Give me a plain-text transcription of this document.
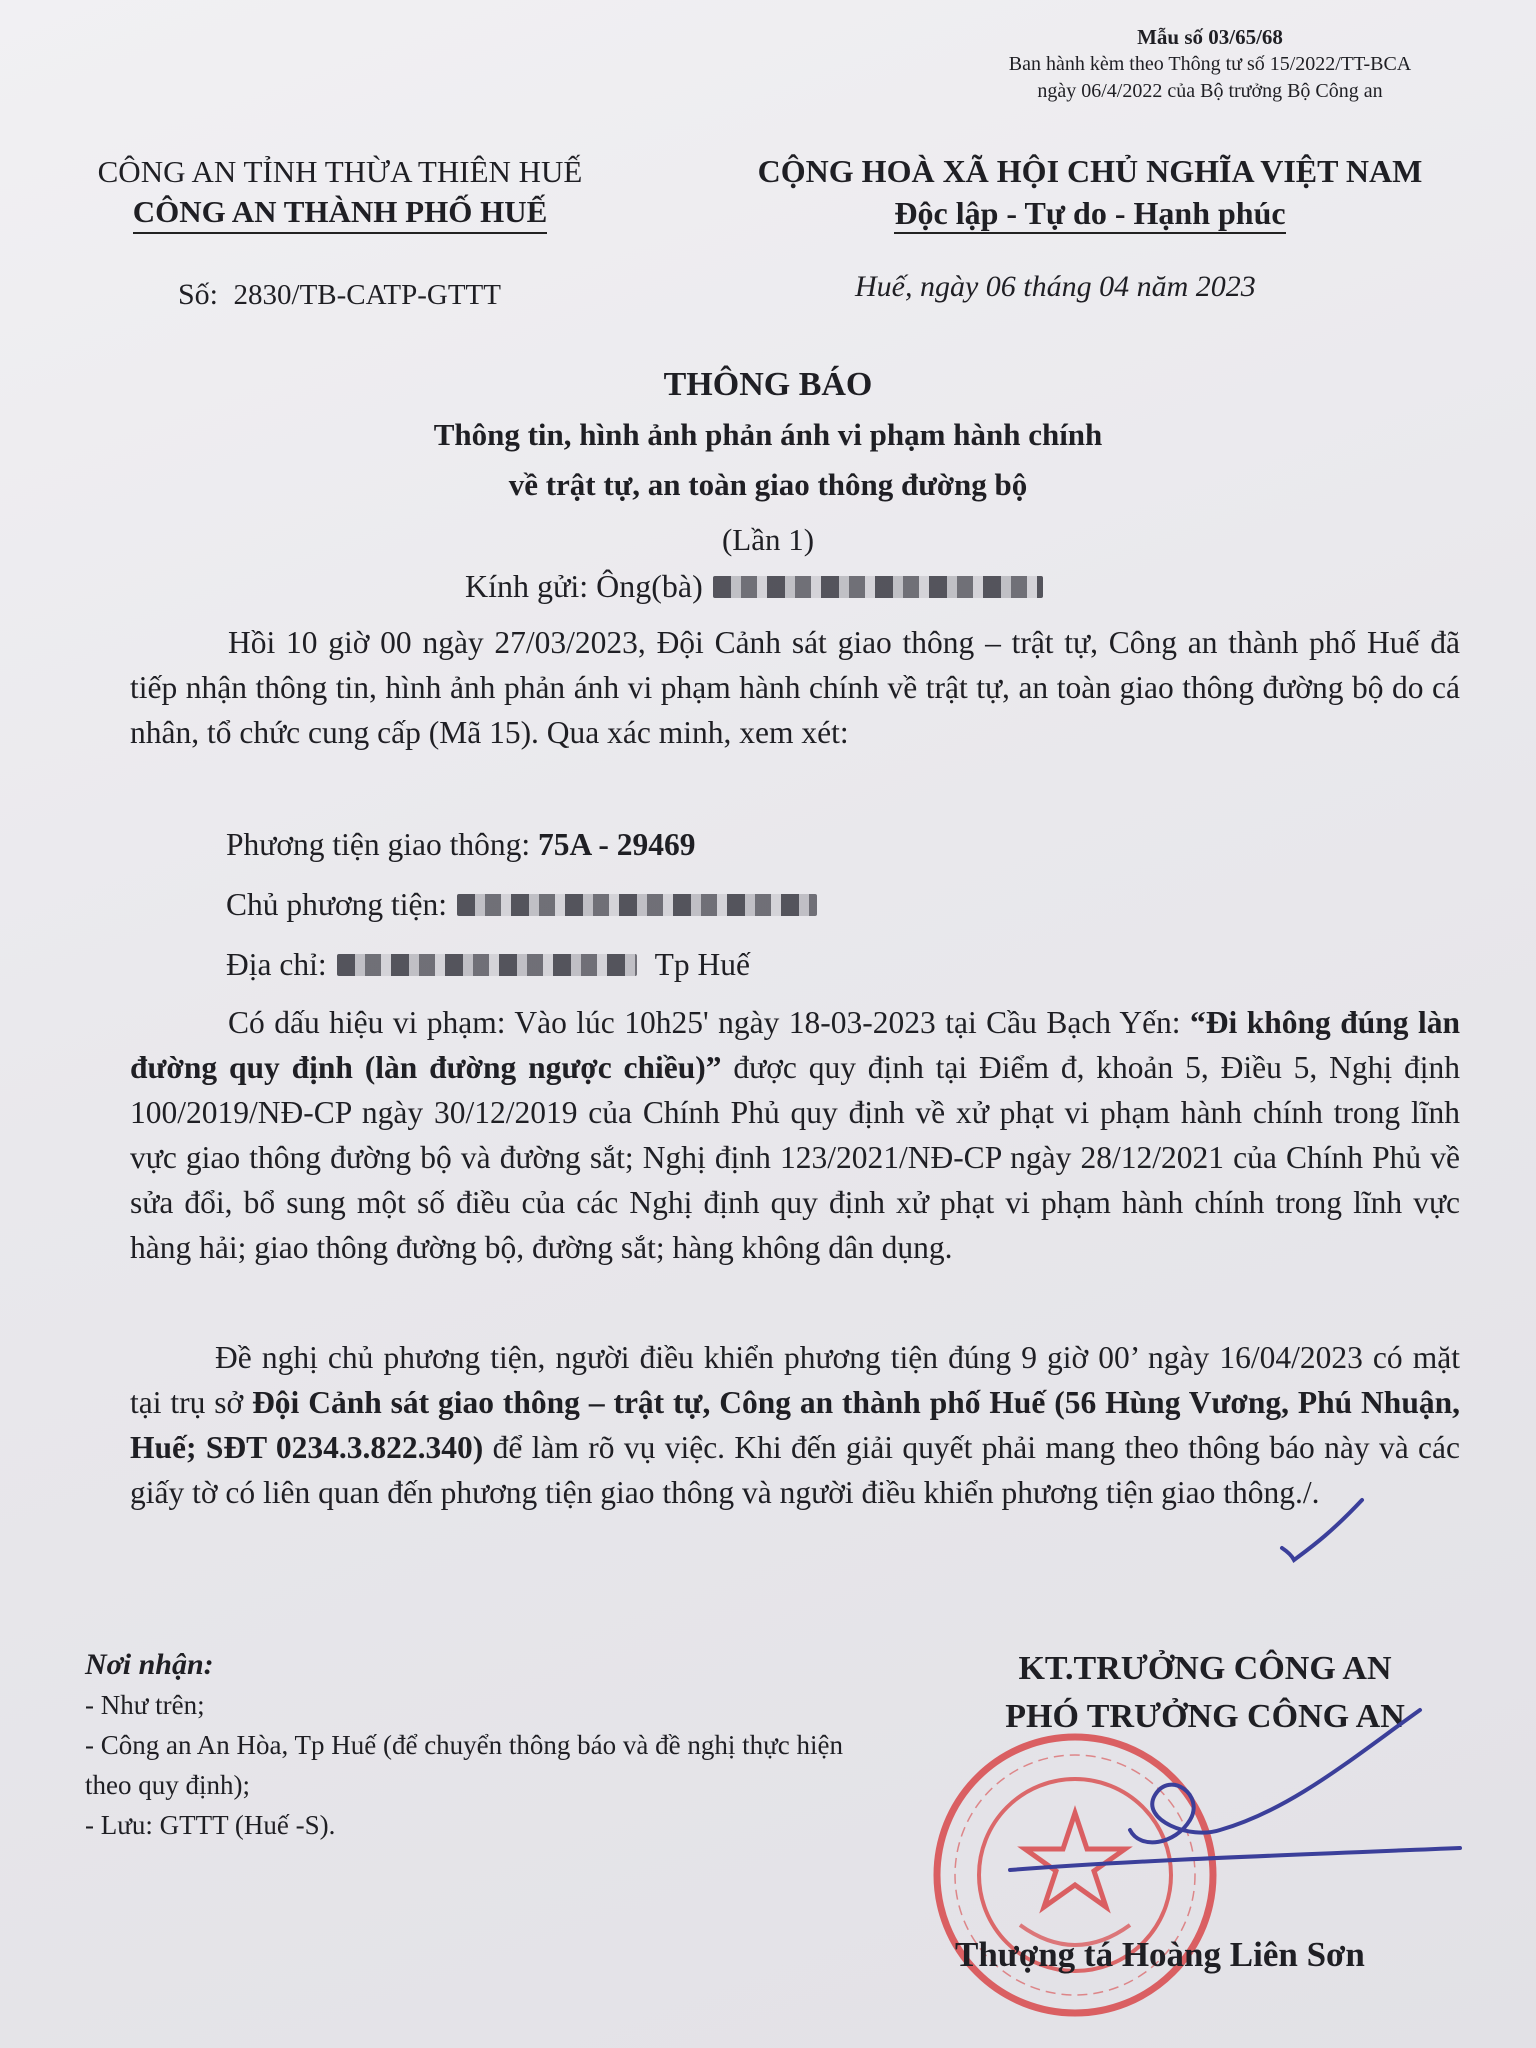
Mẫu số 03/65/68
Ban hành kèm theo Thông tư số 15/2022/TT-BCA
ngày 06/4/2022 của Bộ trưởng Bộ Công an
CÔNG AN TỈNH THỪA THIÊN HUẾ
CÔNG AN THÀNH PHỐ HUẾ
CỘNG HOÀ XÃ HỘI CHỦ NGHĨA VIỆT NAM
Độc lập - Tự do - Hạnh phúc
Số: 2830/TB-CATP-GTTT	Huế, ngày 06 tháng 04 năm 2023
THÔNG BÁO
Thông tin, hình ảnh phản ánh vi phạm hành chính
về trật tự, an toàn giao thông đường bộ
(Lần 1)
Kính gửi: Ông(bà)
Hồi 10 giờ 00 ngày 27/03/2023, Đội Cảnh sát giao thông – trật tự, Công an thành phố Huế đã tiếp nhận thông tin, hình ảnh phản ánh vi phạm hành chính về trật tự, an toàn giao thông đường bộ do cá nhân, tổ chức cung cấp (Mã 15). Qua xác minh, xem xét:
Phương tiện giao thông: 75A - 29469
Chủ phương tiện:
Địa chỉ:	Tp Huế
Có dấu hiệu vi phạm: Vào lúc 10h25' ngày 18-03-2023 tại Cầu Bạch Yến: “Đi không đúng làn đường quy định (làn đường ngược chiều)” được quy định tại Điểm đ, khoản 5, Điều 5, Nghị định 100/2019/NĐ-CP ngày 30/12/2019 của Chính Phủ quy định về xử phạt vi phạm hành chính trong lĩnh vực giao thông đường bộ và đường sắt; Nghị định 123/2021/NĐ-CP ngày 28/12/2021 của Chính Phủ về sửa đổi, bổ sung một số điều của các Nghị định quy định xử phạt vi phạm hành chính trong lĩnh vực hàng hải; giao thông đường bộ, đường sắt; hàng không dân dụng.
Đề nghị chủ phương tiện, người điều khiển phương tiện đúng 9 giờ 00’ ngày 16/04/2023 có mặt tại trụ sở Đội Cảnh sát giao thông – trật tự, Công an thành phố Huế (56 Hùng Vương, Phú Nhuận, Huế; SĐT 0234.3.822.340) để làm rõ vụ việc. Khi đến giải quyết phải mang theo thông báo này và các giấy tờ có liên quan đến phương tiện giao thông và người điều khiển phương tiện giao thông./.
Nơi nhận:
- Như trên;
- Công an An Hòa, Tp Huế (để chuyển thông báo và đề nghị thực hiện theo quy định);
- Lưu: GTTT (Huế -S).
KT.TRƯỞNG CÔNG AN
PHÓ TRƯỞNG CÔNG AN
Thượng tá Hoàng Liên Sơn
